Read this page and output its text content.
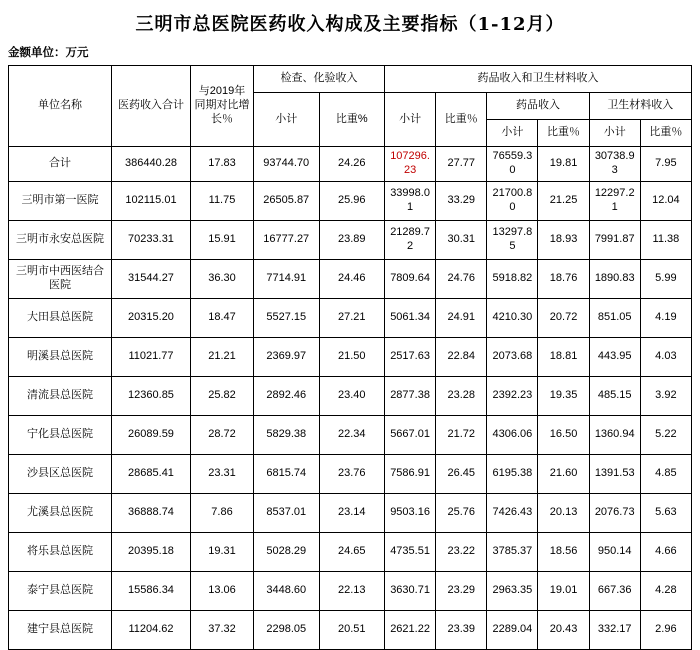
三明市总医院医药收入构成及主要指标（1-12月）
金额单位：万元
单位名称	医药收入合计	与2019年同期对比增长％	检查、化验收入		药品收入和卫生材料收入					
			小计	比重%	小计	比重％	药品收入		卫生材料收入	
							小计	比重％	小计	比重％
合计	386440.28	17.83	93744.70	24.26	107296.23	27.77	76559.30	19.81	30738.93	7.95
三明市第一医院	102115.01	11.75	26505.87	25.96	33998.01	33.29	21700.80	21.25	12297.21	12.04
三明市永安总医院	70233.31	15.91	16777.27	23.89	21289.72	30.31	13297.85	18.93	7991.87	11.38
三明市中西医结合医院	31544.27	36.30	7714.91	24.46	7809.64	24.76	5918.82	18.76	1890.83	5.99
大田县总医院	20315.20	18.47	5527.15	27.21	5061.34	24.91	4210.30	20.72	851.05	4.19
明溪县总医院	11021.77	21.21	2369.97	21.50	2517.63	22.84	2073.68	18.81	443.95	4.03
清流县总医院	12360.85	25.82	2892.46	23.40	2877.38	23.28	2392.23	19.35	485.15	3.92
宁化县总医院	26089.59	28.72	5829.38	22.34	5667.01	21.72	4306.06	16.50	1360.94	5.22
沙县区总医院	28685.41	23.31	6815.74	23.76	7586.91	26.45	6195.38	21.60	1391.53	4.85
尤溪县总医院	36888.74	7.86	8537.01	23.14	9503.16	25.76	7426.43	20.13	2076.73	5.63
将乐县总医院	20395.18	19.31	5028.29	24.65	4735.51	23.22	3785.37	18.56	950.14	4.66
泰宁县总医院	15586.34	13.06	3448.60	22.13	3630.71	23.29	2963.35	19.01	667.36	4.28
建宁县总医院	11204.62	37.32	2298.05	20.51	2621.22	23.39	2289.04	20.43	332.17	2.96
